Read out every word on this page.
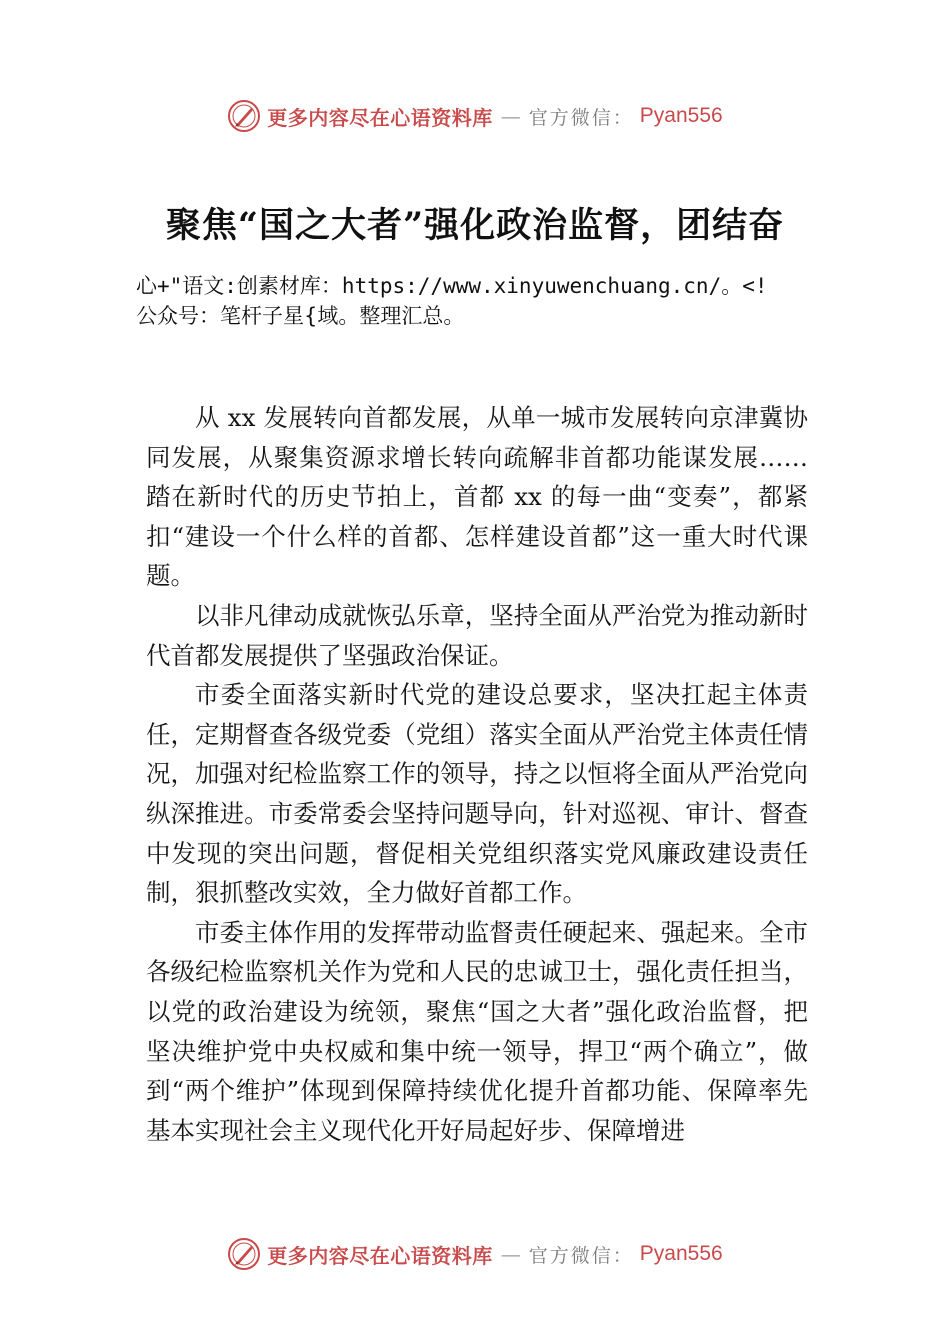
更多内容尽在心语资料库 — 官方微信： Pyan556
聚焦“国之大者”强化政治监督，团结奋
心+"语文:创素材库：https://www.xinyuwenchuang.cn/。<!
公众号：笔杆子星{域。整理汇总。

从 xx 发展转向首都发展，从单一城市发展转向京津冀协同发展，从聚集资源求增长转向疏解非首都功能谋发展…… 踏在新时代的历史节拍上，首都 xx 的每一曲“变奏”，都紧扣“建设一个什么样的首都、怎样建设首都”这一重大时代课题。

以非凡律动成就恢弘乐章，坚持全面从严治党为推动新时代首都发展提供了坚强政治保证。

市委全面落实新时代党的建设总要求，坚决扛起主体责任，定期督查各级党委（党组）落实全面从严治党主体责任情况，加强对纪检监察工作的领导，持之以恒将全面从严治党向纵深推进。市委常委会坚持问题导向，针对巡视、审计、督查中发现的突出问题，督促相关党组织落实党风廉政建设责任制，狠抓整改实效，全力做好首都工作。

市委主体作用的发挥带动监督责任硬起来、强起来。全市各级纪检监察机关作为党和人民的忠诚卫士，强化责任担当，以党的政治建设为统领，聚焦“国之大者”强化政治监督，把坚决维护党中央权威和集中统一领导，捍卫“两个确立”，做到“两个维护”体现到保障持续优化提升首都功能、保障率先基本实现社会主义现代化开好局起好步、保障增进

更多内容尽在心语资料库 — 官方微信： Pyan556
